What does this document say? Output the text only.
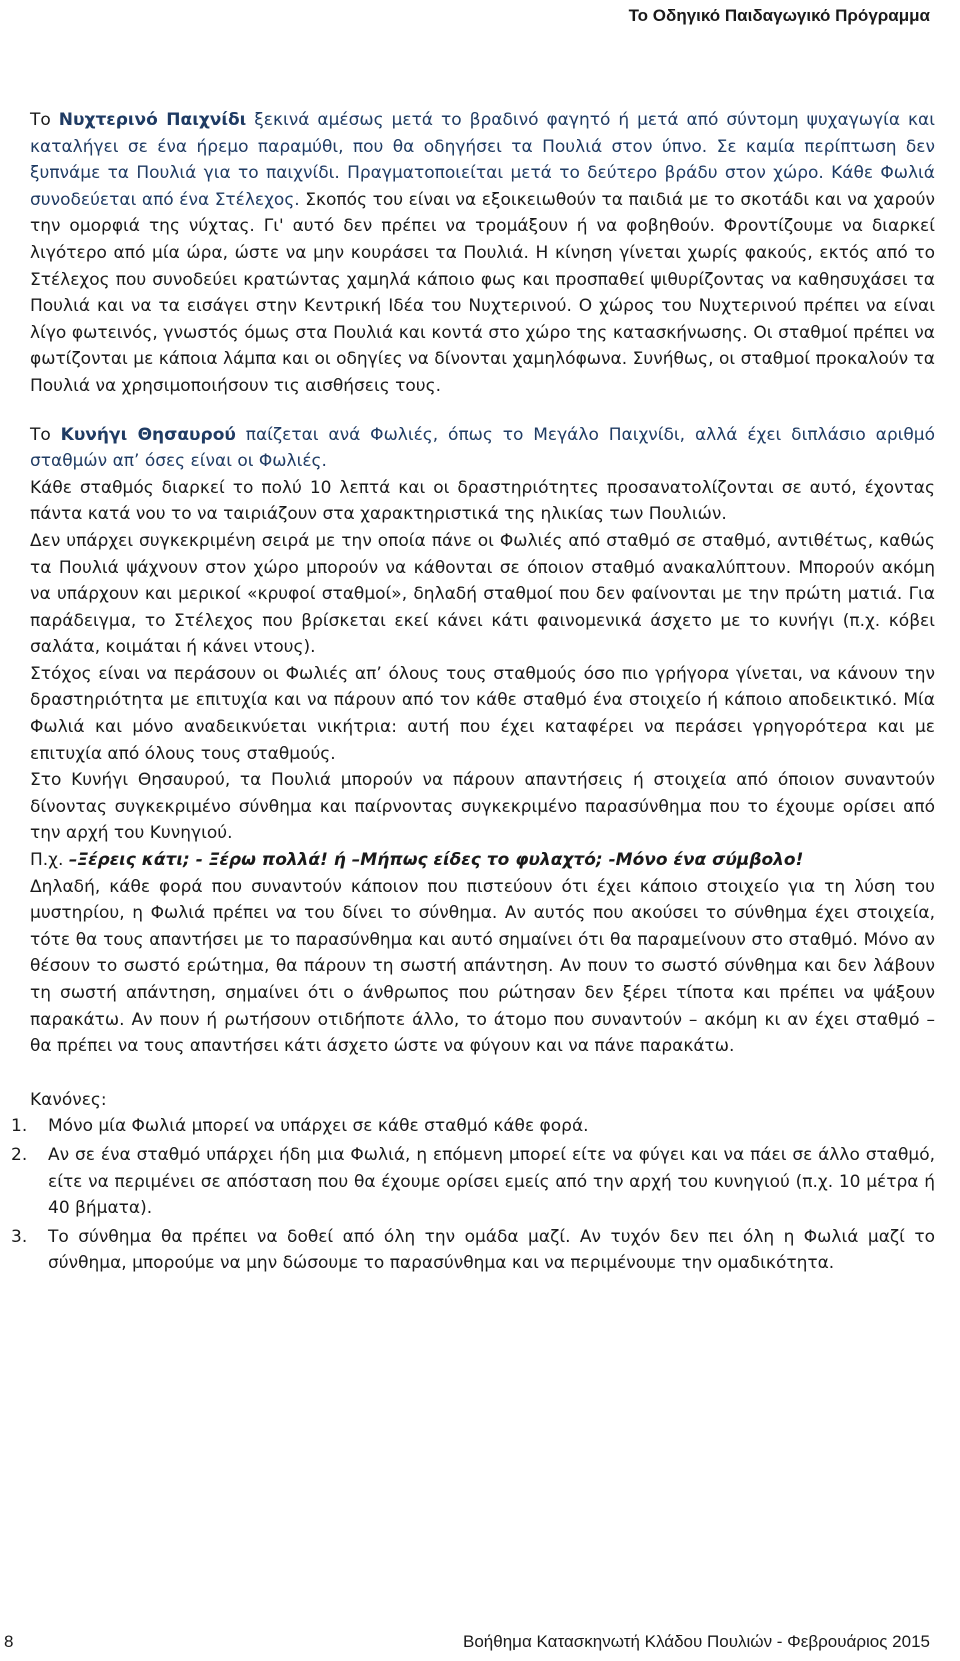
Το Οδηγικό Παιδαγωγικό Πρόγραμμα

Το Νυχτερινό Παιχνίδι ξεκινά αμέσως μετά το βραδινό φαγητό ή μετά από σύντομη ψυχαγωγία και καταλήγει σε ένα ήρεμο παραμύθι, που θα οδηγήσει τα Πουλιά στον ύπνο. Σε καμία περίπτωση δεν ξυπνάμε τα Πουλιά για το παιχνίδι. Πραγματοποιείται μετά το δεύτερο βράδυ στον χώρο. Κάθε Φωλιά συνοδεύεται από ένα Στέλεχος. Σκοπός του είναι να εξοικειωθούν τα παιδιά με το σκοτάδι και να χαρούν την ομορφιά της νύχτας. Γι' αυτό δεν πρέπει να τρομάξουν ή να φοβηθούν. Φροντίζουμε να διαρκεί λιγότερο από μία ώρα, ώστε να μην κουράσει τα Πουλιά. Η κίνηση γίνεται χωρίς φακούς, εκτός από το Στέλεχος που συνοδεύει κρατώντας χαμηλά κάποιο φως και προσπαθεί ψιθυρίζοντας να καθησυχάσει τα Πουλιά και να τα εισάγει στην Κεντρική Ιδέα του Νυχτερινού. Ο χώρος του Νυχτερινού πρέπει να είναι λίγο φωτεινός, γνωστός όμως στα Πουλιά και κοντά στο χώρο της κατασκήνωσης. Οι σταθμοί πρέπει να φωτίζονται με κάποια λάμπα και οι οδηγίες να δίνονται χαμηλόφωνα. Συνήθως, οι σταθμοί προκαλούν τα Πουλιά να χρησιμοποιήσουν τις αισθήσεις τους.

Το Κυνήγι Θησαυρού παίζεται ανά Φωλιές, όπως το Μεγάλο Παιχνίδι, αλλά έχει διπλάσιο αριθμό σταθμών απ’ όσες είναι οι Φωλιές.

Κάθε σταθμός διαρκεί το πολύ 10 λεπτά και οι δραστηριότητες προσανατολίζονται σε αυτό, έχοντας πάντα κατά νου το να ταιριάζουν στα χαρακτηριστικά της ηλικίας των Πουλιών.

Δεν υπάρχει συγκεκριμένη σειρά με την οποία πάνε οι Φωλιές από σταθμό σε σταθμό, αντιθέτως, καθώς τα Πουλιά ψάχνουν στον χώρο μπορούν να κάθονται σε όποιον σταθμό ανακαλύπτουν. Μπορούν ακόμη να υπάρχουν και μερικοί «κρυφοί σταθμοί», δηλαδή σταθμοί που δεν φαίνονται με την πρώτη ματιά. Για παράδειγμα, το Στέλεχος που βρίσκεται εκεί κάνει κάτι φαινομενικά άσχετο με το κυνήγι (π.χ. κόβει σαλάτα, κοιμάται ή κάνει ντους).

Στόχος είναι να περάσουν οι Φωλιές απ’ όλους τους σταθμούς όσο πιο γρήγορα γίνεται, να κάνουν την δραστηριότητα με επιτυχία και να πάρουν από τον κάθε σταθμό ένα στοιχείο ή κάποιο αποδεικτικό. Μία Φωλιά και μόνο αναδεικνύεται νικήτρια: αυτή που έχει καταφέρει να περάσει γρηγορότερα και με επιτυχία από όλους τους σταθμούς.

Στο Κυνήγι Θησαυρού, τα Πουλιά μπορούν να πάρουν απαντήσεις ή στοιχεία από όποιον συναντούν δίνοντας συγκεκριμένο σύνθημα και παίρνοντας συγκεκριμένο παρασύνθημα που το έχουμε ορίσει από την αρχή του Κυνηγιού.

Π.χ. –Ξέρεις κάτι; - Ξέρω πολλά! ή –Μήπως είδες το φυλαχτό; -Μόνο ένα σύμβολο!

Δηλαδή, κάθε φορά που συναντούν κάποιον που πιστεύουν ότι έχει κάποιο στοιχείο για τη λύση του μυστηρίου, η Φωλιά πρέπει να του δίνει το σύνθημα. Αν αυτός που ακούσει το σύνθημα έχει στοιχεία, τότε θα τους απαντήσει με το παρασύνθημα και αυτό σημαίνει ότι θα παραμείνουν στο σταθμό. Μόνο αν θέσουν το σωστό ερώτημα, θα πάρουν τη σωστή απάντηση. Αν πουν το σωστό σύνθημα και δεν λάβουν τη σωστή απάντηση, σημαίνει ότι ο άνθρωπος που ρώτησαν δεν ξέρει τίποτα και πρέπει να ψάξουν παρακάτω. Αν πουν ή ρωτήσουν οτιδήποτε άλλο, το άτομο που συναντούν – ακόμη κι αν έχει σταθμό – θα πρέπει να τους απαντήσει κάτι άσχετο ώστε να φύγουν και να πάνε παρακάτω.

Κανόνες:

1. Μόνο μία Φωλιά μπορεί να υπάρχει σε κάθε σταθμό κάθε φορά.
2. Αν σε ένα σταθμό υπάρχει ήδη μια Φωλιά, η επόμενη μπορεί είτε να φύγει και να πάει σε άλλο σταθμό, είτε να περιμένει σε απόσταση που θα έχουμε ορίσει εμείς από την αρχή του κυνηγιού (π.χ. 10 μέτρα ή 40 βήματα).
3. Το σύνθημα θα πρέπει να δοθεί από όλη την ομάδα μαζί. Αν τυχόν δεν πει όλη η Φωλιά μαζί το σύνθημα, μπορούμε να μην δώσουμε το παρασύνθημα και να περιμένουμε την ομαδικότητα.
8	Βοήθημα Κατασκηνωτή Κλάδου Πουλιών - Φεβρουάριος 2015
